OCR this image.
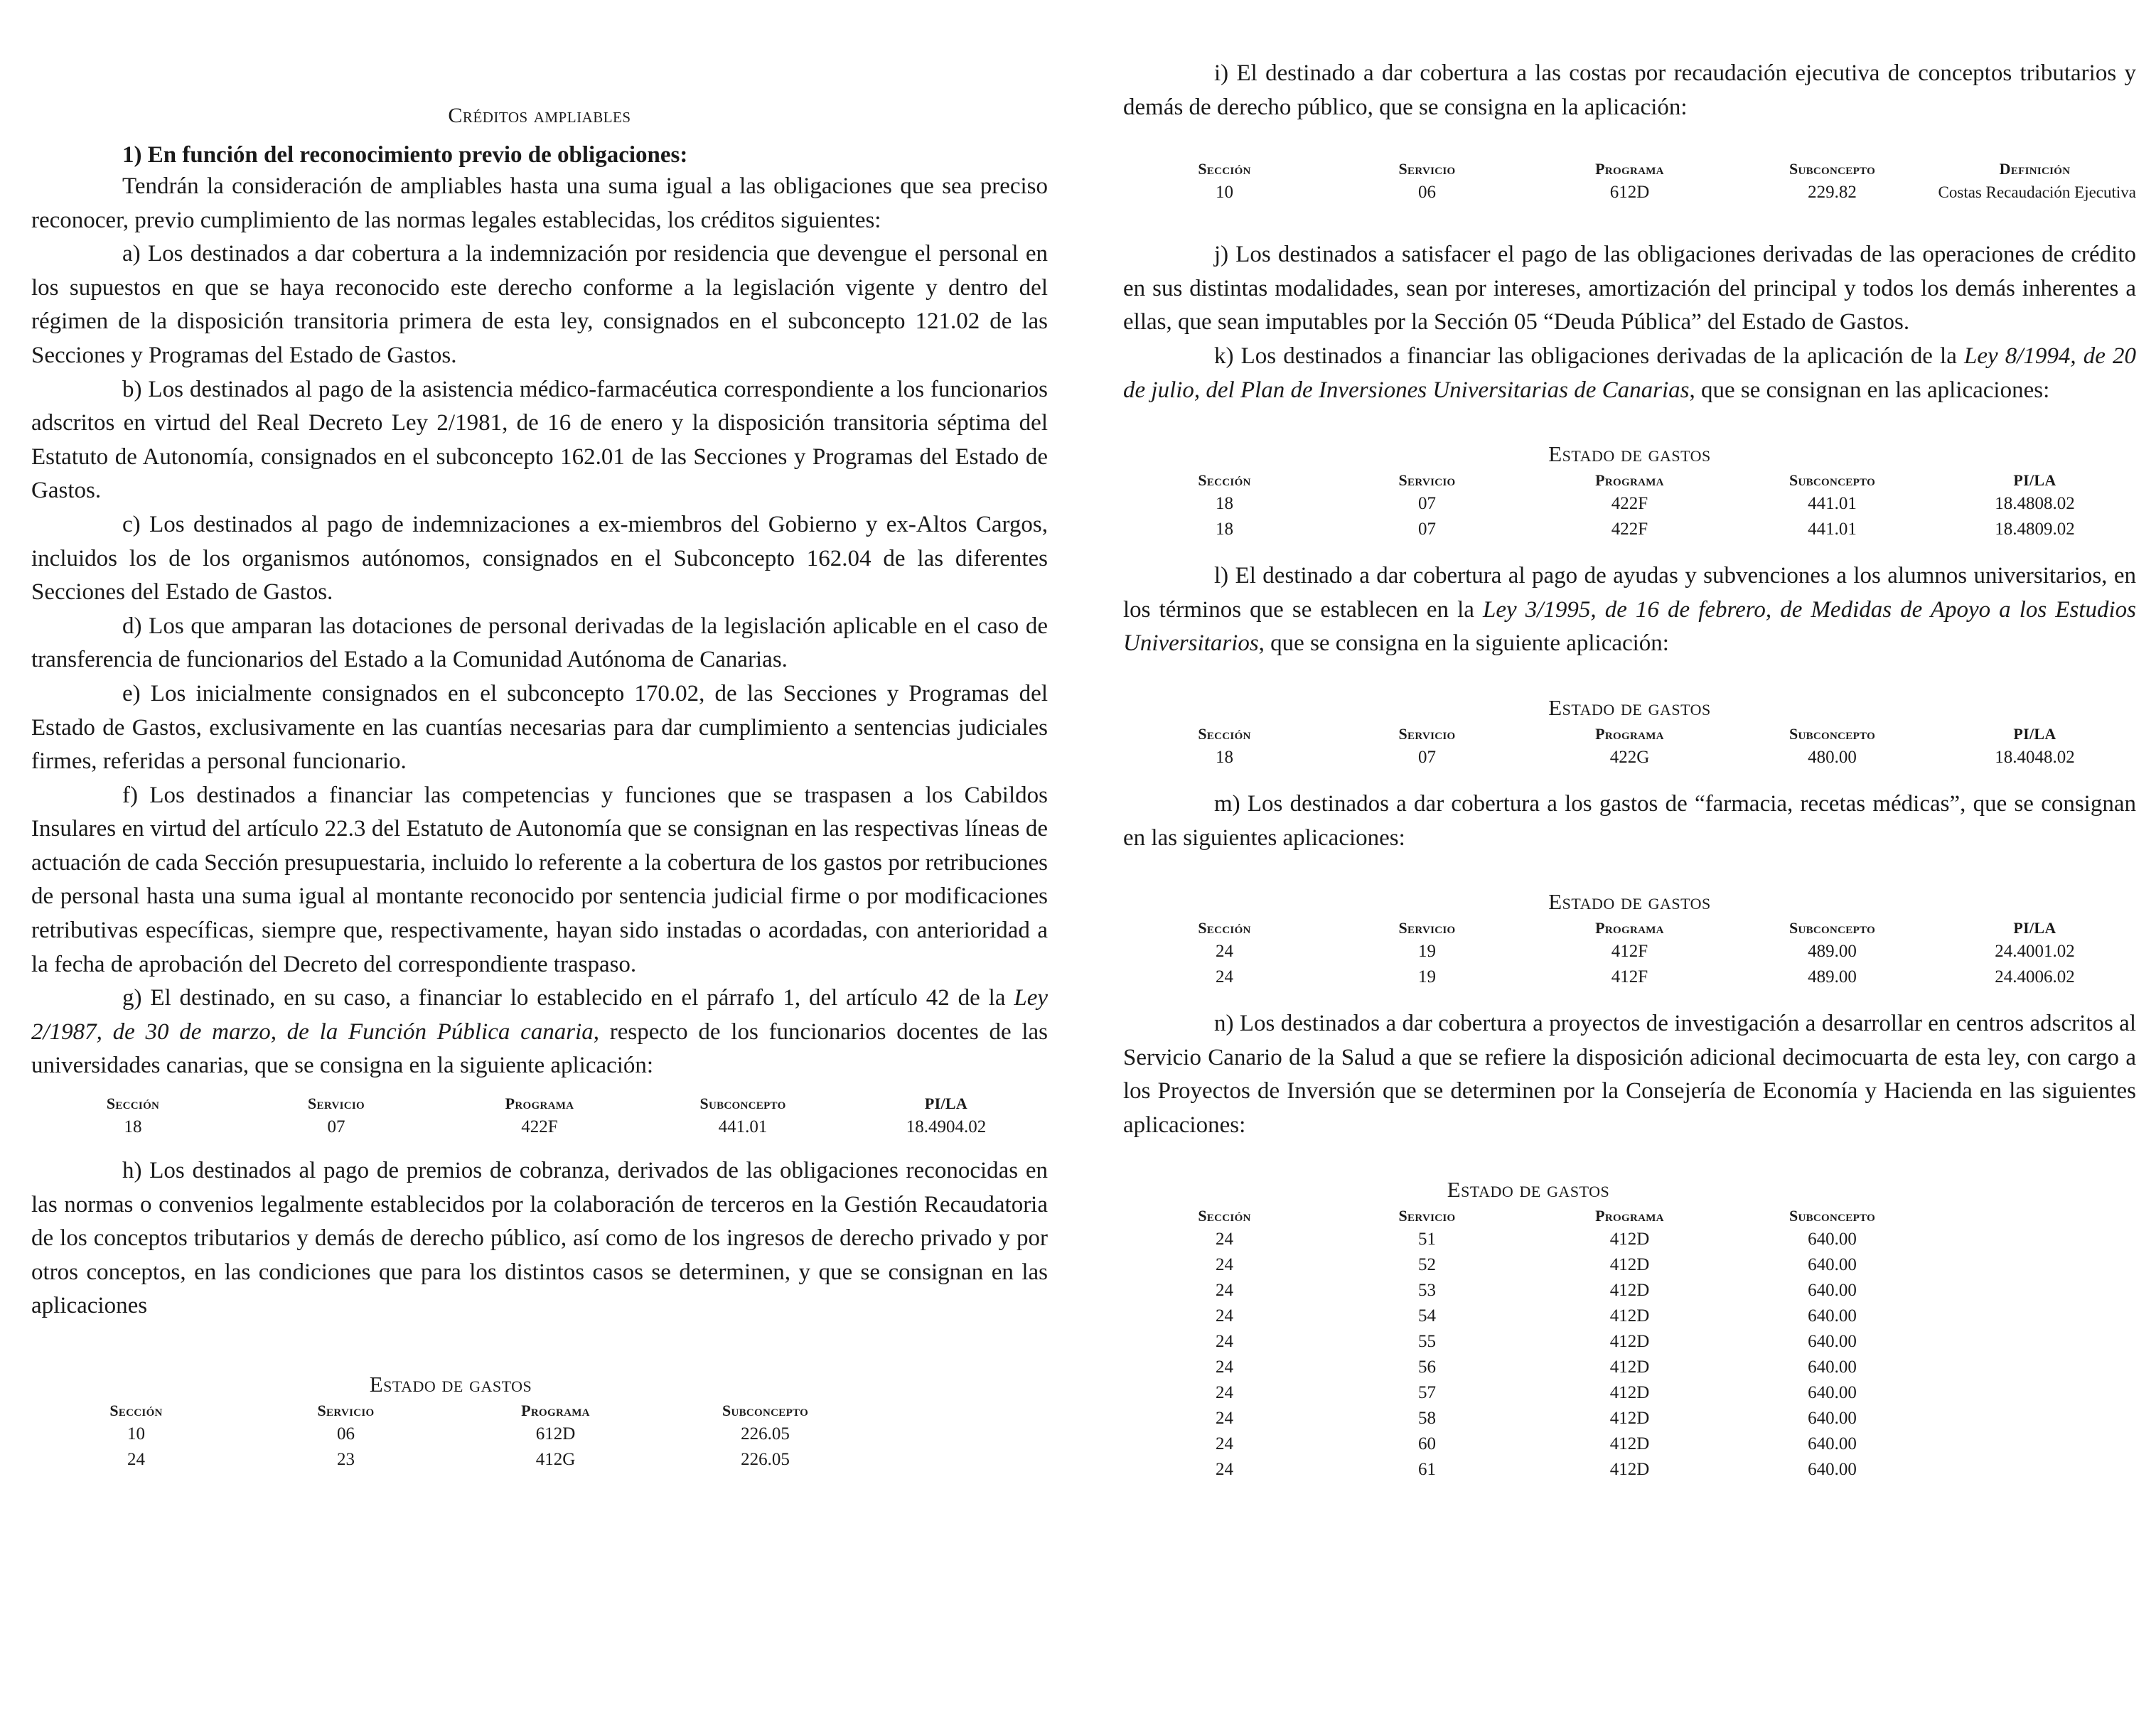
Créditos ampliables
1) En función del reconocimiento previo de obligaciones:

Tendrán la consideración de ampliables hasta una suma igual a las obligaciones que sea preciso reconocer, previo cumplimiento de las normas legales establecidas, los créditos siguientes:

a) Los destinados a dar cobertura a la indemnización por residencia que devengue el personal en los supuestos en que se haya reconocido este derecho conforme a la legislación vigente y dentro del régimen de la disposición transitoria primera de esta ley, consignados en el subconcepto 121.02 de las Secciones y Programas del Estado de Gastos.

b) Los destinados al pago de la asistencia médico-farmacéutica correspondiente a los funcionarios adscritos en virtud del Real Decreto Ley 2/1981, de 16 de enero y la disposición transitoria séptima del Estatuto de Autonomía, consignados en el subconcepto 162.01 de las Secciones y Programas del Estado de Gastos.

c) Los destinados al pago de indemnizaciones a ex-miembros del Gobierno y ex-Altos Cargos, incluidos los de los organismos autónomos, consignados en el Subconcepto 162.04 de las diferentes Secciones del Estado de Gastos.

d) Los que amparan las dotaciones de personal derivadas de la legislación aplicable en el caso de transferencia de funcionarios del Estado a la Comunidad Autónoma de Canarias.

e) Los inicialmente consignados en el subconcepto 170.02, de las Secciones y Programas del Estado de Gastos, exclusivamente en las cuantías necesarias para dar cumplimiento a sentencias judiciales firmes, referidas a personal funcionario.

f) Los destinados a financiar las competencias y funciones que se traspasen a los Cabildos Insulares en virtud del artículo 22.3 del Estatuto de Autonomía que se consignan en las respectivas líneas de actuación de cada Sección presupuestaria, incluido lo referente a la cobertura de los gastos por retribuciones de personal hasta una suma igual al montante reconocido por sentencia judicial firme o por modificaciones retributivas específicas, siempre que, respectivamente, hayan sido instadas o acordadas, con anterioridad a la fecha de aprobación del Decreto del correspondiente traspaso.

g) El destinado, en su caso, a financiar lo establecido en el párrafo 1, del artículo 42 de la Ley 2/1987, de 30 de marzo, de la Función Pública canaria, respecto de los funcionarios docentes de las universidades canarias, que se consigna en la siguiente aplicación:

Sección	Servicio	Programa	Subconcepto	PI/LA
18	07	422F	441.01	18.4904.02

h) Los destinados al pago de premios de cobranza, derivados de las obligaciones reconocidas en las normas o convenios legalmente establecidos por la colaboración de terceros en la Gestión Recaudatoria de los conceptos tributarios y demás de derecho público, así como de los ingresos de derecho privado y por otros conceptos, en las condiciones que para los distintos casos se determinen, y que se consignan en las aplicaciones

Estado de gastos
Sección	Servicio	Programa	Subconcepto
10	06	612D	226.05
24	23	412G	226.05

i) El destinado a dar cobertura a las costas por recaudación ejecutiva de conceptos tributarios y demás de derecho público, que se consigna en la aplicación:

Sección	Servicio	Programa	Subconcepto	Definición
10	06	612D	229.82	Costas Recaudación Ejecutiva

j) Los destinados a satisfacer el pago de las obligaciones derivadas de las operaciones de crédito en sus distintas modalidades, sean por intereses, amortización del principal y todos los demás inherentes a ellas, que sean imputables por la Sección 05 “Deuda Pública” del Estado de Gastos.

k) Los destinados a financiar las obligaciones derivadas de la aplicación de la Ley 8/1994, de 20 de julio, del Plan de Inversiones Universitarias de Canarias, que se consignan en las aplicaciones:

Estado de gastos
Sección	Servicio	Programa	Subconcepto	PI/LA
18	07	422F	441.01	18.4808.02
18	07	422F	441.01	18.4809.02

l) El destinado a dar cobertura al pago de ayudas y subvenciones a los alumnos universitarios, en los términos que se establecen en la Ley 3/1995, de 16 de febrero, de Medidas de Apoyo a los Estudios Universitarios, que se consigna en la siguiente aplicación:

Estado de gastos
Sección	Servicio	Programa	Subconcepto	PI/LA
18	07	422G	480.00	18.4048.02

m) Los destinados a dar cobertura a los gastos de “farmacia, recetas médicas”, que se consignan en las siguientes aplicaciones:

Estado de gastos
Sección	Servicio	Programa	Subconcepto	PI/LA
24	19	412F	489.00	24.4001.02
24	19	412F	489.00	24.4006.02

n) Los destinados a dar cobertura a proyectos de investigación a desarrollar en centros adscritos al Servicio Canario de la Salud a que se refiere la disposición adicional decimocuarta de esta ley, con cargo a los Proyectos de Inversión que se determinen por la Consejería de Economía y Hacienda en las siguientes aplicaciones:

Estado de gastos
Sección	Servicio	Programa	Subconcepto
24	51	412D	640.00
24	52	412D	640.00
24	53	412D	640.00
24	54	412D	640.00
24	55	412D	640.00
24	56	412D	640.00
24	57	412D	640.00
24	58	412D	640.00
24	60	412D	640.00
24	61	412D	640.00
